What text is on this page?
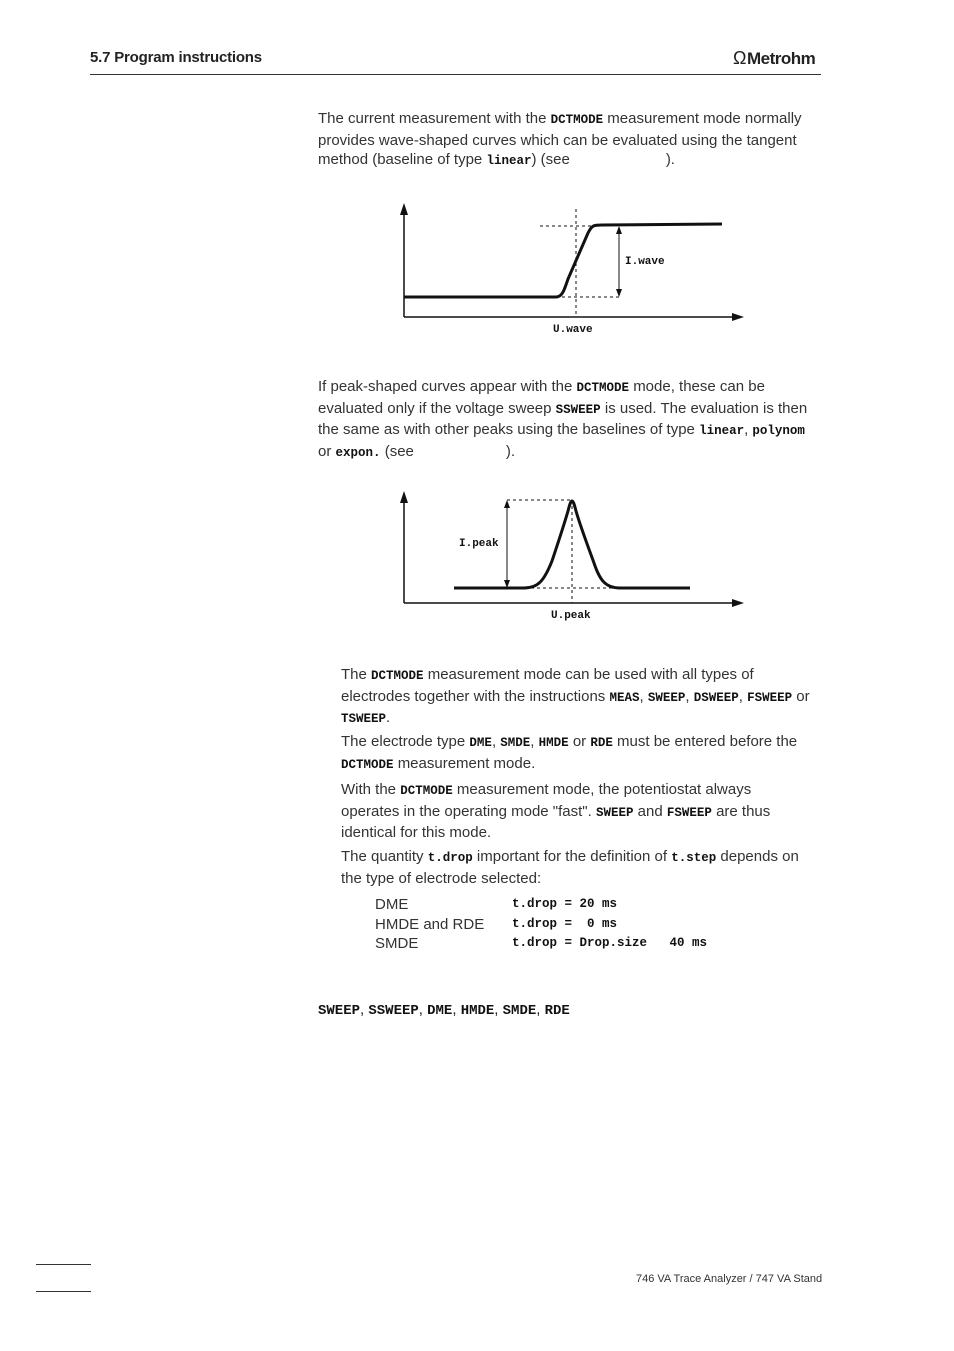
5.7 Program instructions	Ω Metrohm
The current measurement with the DCTMODE measurement mode normally provides wave-shaped curves which can be evaluated using the tangent method (baseline of type linear) (see	).
I.wave
U.wave
If peak-shaped curves appear with the DCTMODE mode, these can be evaluated only if the voltage sweep SSWEEP is used. The evaluation is then the same as with other peaks using the baselines of type linear, polynom or expon. (see	).
I.peak
U.peak
The DCTMODE measurement mode can be used with all types of electrodes together with the instructions MEAS, SWEEP, DSWEEP, FSWEEP or TSWEEP.
The electrode type DME, SMDE, HMDE or RDE must be entered before the DCTMODE measurement mode.
With the DCTMODE measurement mode, the potentiostat always operates in the operating mode "fast". SWEEP and FSWEEP are thus identical for this mode.
The quantity t.drop important for the definition of t.step depends on the type of electrode selected:
DME	t.drop = 20 ms
HMDE and RDE	t.drop =  0 ms
SMDE	t.drop = Drop.size   40 ms
SWEEP, SSWEEP, DME, HMDE, SMDE, RDE
746 VA Trace Analyzer / 747 VA Stand
